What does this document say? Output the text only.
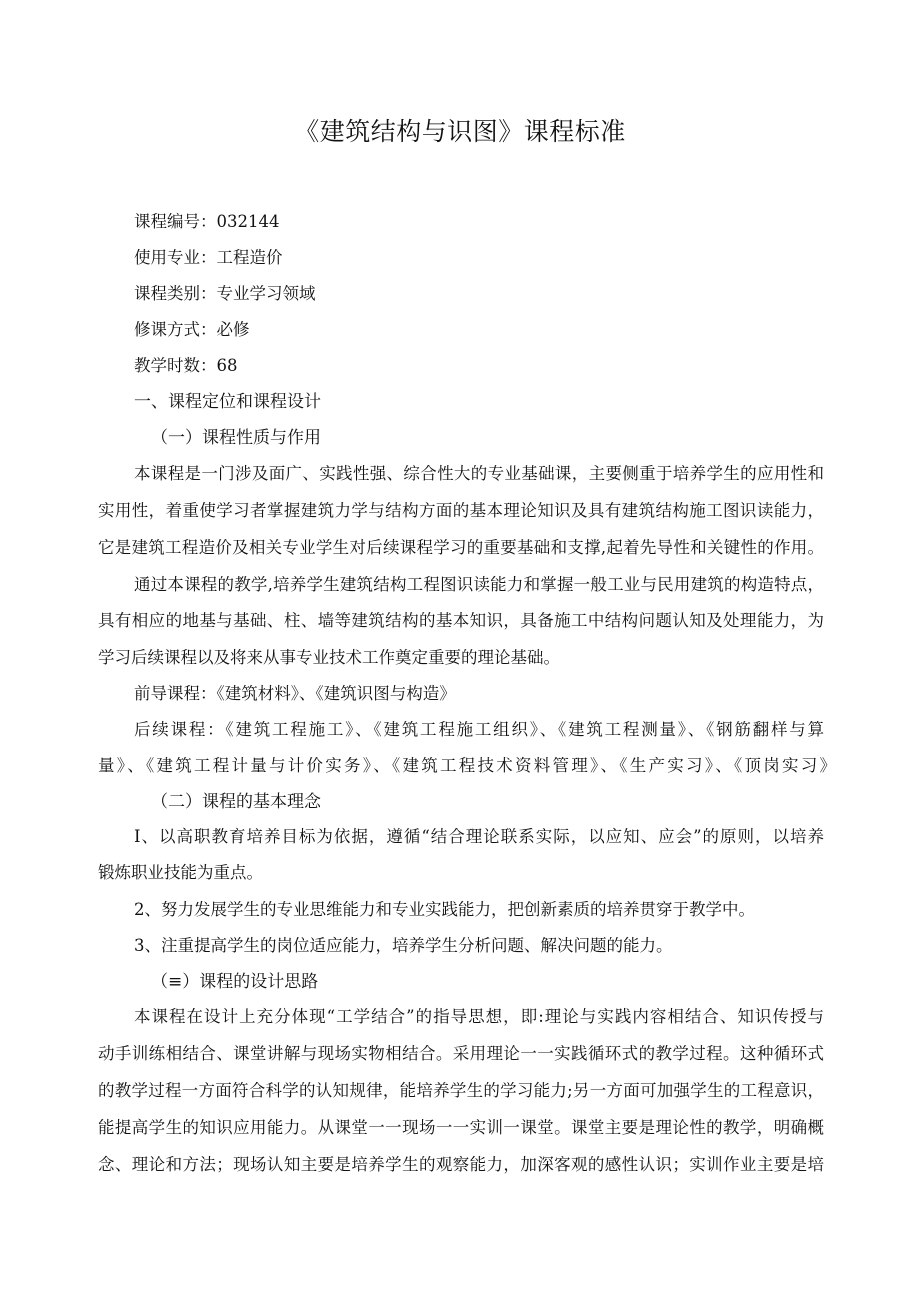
《建筑结构与识图》课程标准
课程编号：032144
使用专业：工程造价
课程类别：专业学习领域
修课方式：必修
教学时数：68
一、课程定位和课程设计
（一）课程性质与作用
本课程是一门涉及面广、实践性强、综合性大的专业基础课，主要侧重于培养学生的应用性和
实用性，着重使学习者掌握建筑力学与结构方面的基本理论知识及具有建筑结构施工图识读能力，
它是建筑工程造价及相关专业学生对后续课程学习的重要基础和支撑,起着先导性和关键性的作用。
通过本课程的教学,培养学生建筑结构工程图识读能力和掌握一般工业与民用建筑的构造特点，
具有相应的地基与基础、柱、墙等建筑结构的基本知识，具备施工中结构问题认知及处理能力，为
学习后续课程以及将来从事专业技术工作奠定重要的理论基础。
前导课程：《建筑材料》、《建筑识图与构造》
后续课程：《建筑工程施工》、《建筑工程施工组织》、《建筑工程测量》、《钢筋翻样与算
量》、《建筑工程计量与计价实务》、《建筑工程技术资料管理》、《生产实习》、《顶岗实习》
（二）课程的基本理念
I、以高职教育培养目标为依据，遵循“结合理论联系实际，以应知、应会”的原则，以培养
锻炼职业技能为重点。
2、努力发展学生的专业思维能力和专业实践能力，把创新素质的培养贯穿于教学中。
3、注重提高学生的岗位适应能力，培养学生分析问题、解决问题的能力。
（≡）课程的设计思路
本课程在设计上充分体现“工学结合”的指导思想，即:理论与实践内容相结合、知识传授与
动手训练相结合、课堂讲解与现场实物相结合。采用理论一一实践循环式的教学过程。这种循环式
的教学过程一方面符合科学的认知规律，能培养学生的学习能力;另一方面可加强学生的工程意识，
能提高学生的知识应用能力。从课堂一一现场一一实训一课堂。课堂主要是理论性的教学，明确概
念、理论和方法；现场认知主要是培养学生的观察能力，加深客观的感性认识；实训作业主要是培
